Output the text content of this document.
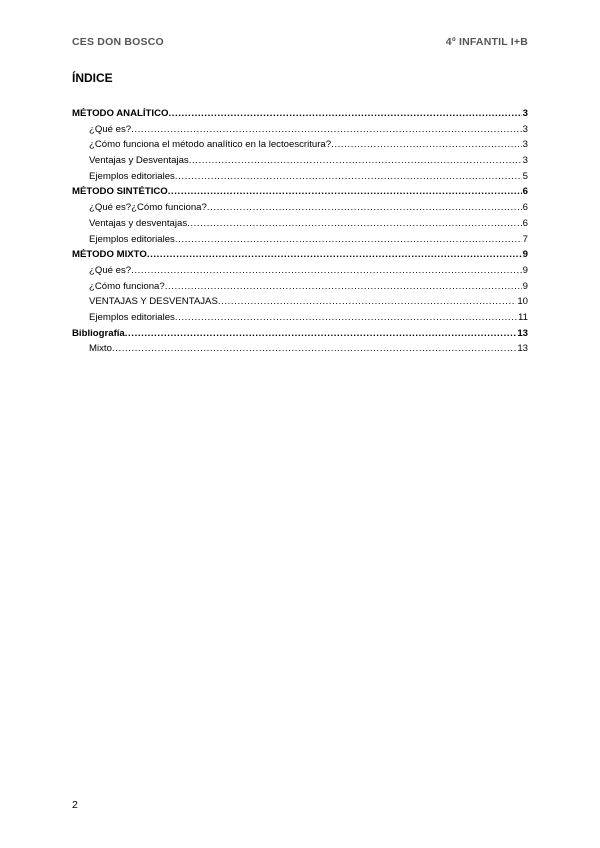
CES DON BOSCO	4º INFANTIL I+B
ÍNDICE
MÉTODO ANALÍTICO .....	3
¿Qué es? .....	3
¿Cómo funciona el método analítico en la lectoescritura? .....	3
Ventajas y Desventajas .....	3
Ejemplos editoriales .....	5
MÉTODO SINTÉTICO .....	6
¿Qué es?¿Cómo funciona? .....	6
Ventajas y desventajas .....	6
Ejemplos editoriales .....	7
MÉTODO MIXTO .....	9
¿Qué es? .....	9
¿Cómo funciona? .....	9
VENTAJAS Y DESVENTAJAS .....	10
Ejemplos editoriales .....	11
Bibliografía .....	13
Mixto .....	13
2
